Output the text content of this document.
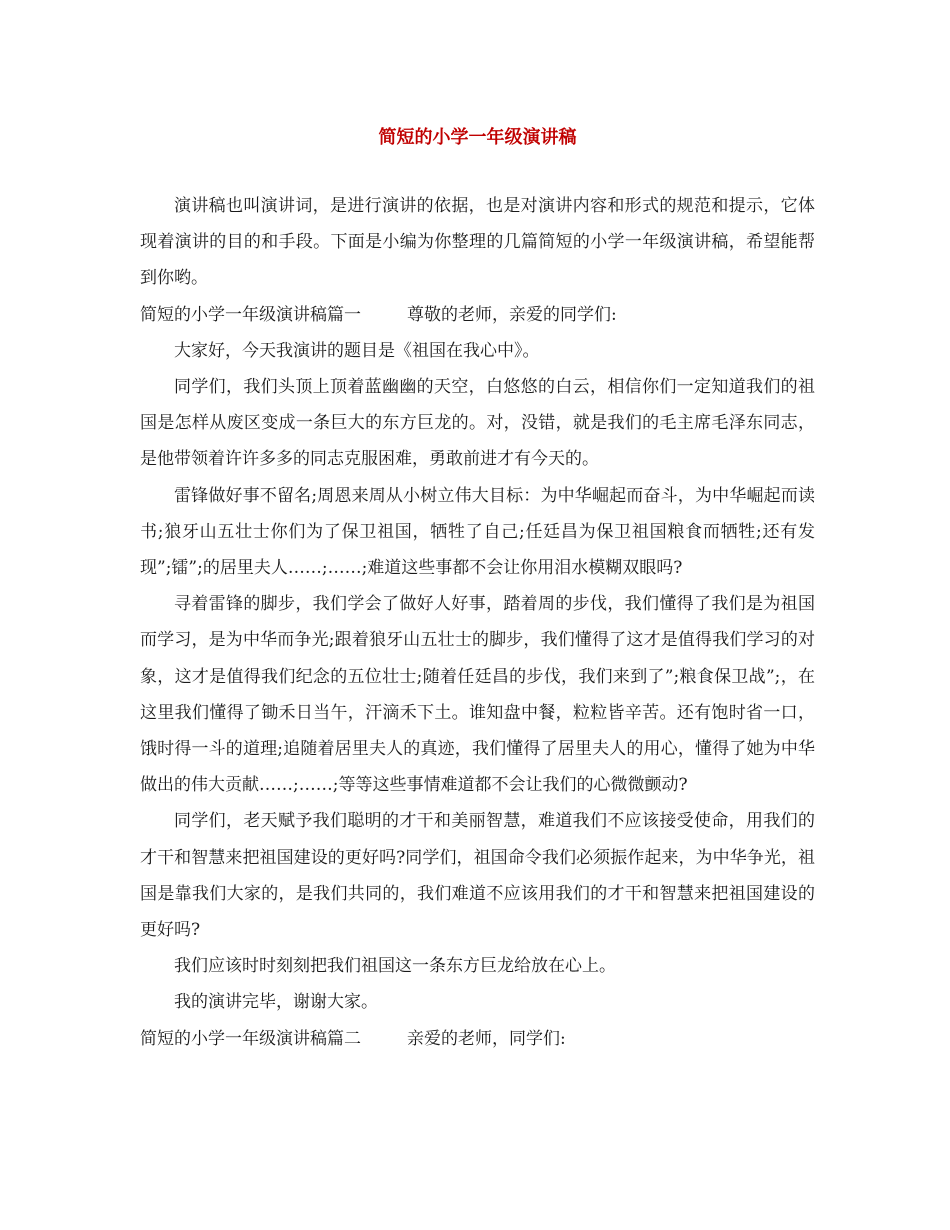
简短的小学一年级演讲稿

演讲稿也叫演讲词，是进行演讲的依据，也是对演讲内容和形式的规范和提示，它体现着演讲的目的和手段。下面是小编为你整理的几篇简短的小学一年级演讲稿，希望能帮到你哟。

简短的小学一年级演讲稿篇一	尊敬的老师，亲爱的同学们:

大家好，今天我演讲的题目是《祖国在我心中》。

同学们，我们头顶上顶着蓝幽幽的天空，白悠悠的白云，相信你们一定知道我们的祖国是怎样从废区变成一条巨大的东方巨龙的。对，没错，就是我们的毛主席毛泽东同志，是他带领着许许多多的同志克服困难，勇敢前进才有今天的。

雷锋做好事不留名;周恩来周从小树立伟大目标：为中华崛起而奋斗，为中华崛起而读书;狼牙山五壮士你们为了保卫祖国，牺牲了自己;任廷昌为保卫祖国粮食而牺牲;还有发现”;镭”;的居里夫人……;……;难道这些事都不会让你用泪水模糊双眼吗?

寻着雷锋的脚步，我们学会了做好人好事，踏着周的步伐，我们懂得了我们是为祖国而学习，是为中华而争光;跟着狼牙山五壮士的脚步，我们懂得了这才是值得我们学习的对象，这才是值得我们纪念的五位壮士;随着任廷昌的步伐，我们来到了”;粮食保卫战”;，在这里我们懂得了锄禾日当午，汗滴禾下土。谁知盘中餐，粒粒皆辛苦。还有饱时省一口，饿时得一斗的道理;追随着居里夫人的真迹，我们懂得了居里夫人的用心，懂得了她为中华做出的伟大贡献……;……;等等这些事情难道都不会让我们的心微微颤动?

同学们，老天赋予我们聪明的才干和美丽智慧，难道我们不应该接受使命，用我们的才干和智慧来把祖国建设的更好吗?同学们，祖国命令我们必须振作起来，为中华争光，祖国是靠我们大家的，是我们共同的，我们难道不应该用我们的才干和智慧来把祖国建设的更好吗?

我们应该时时刻刻把我们祖国这一条东方巨龙给放在心上。

我的演讲完毕，谢谢大家。

简短的小学一年级演讲稿篇二	亲爱的老师，同学们:
